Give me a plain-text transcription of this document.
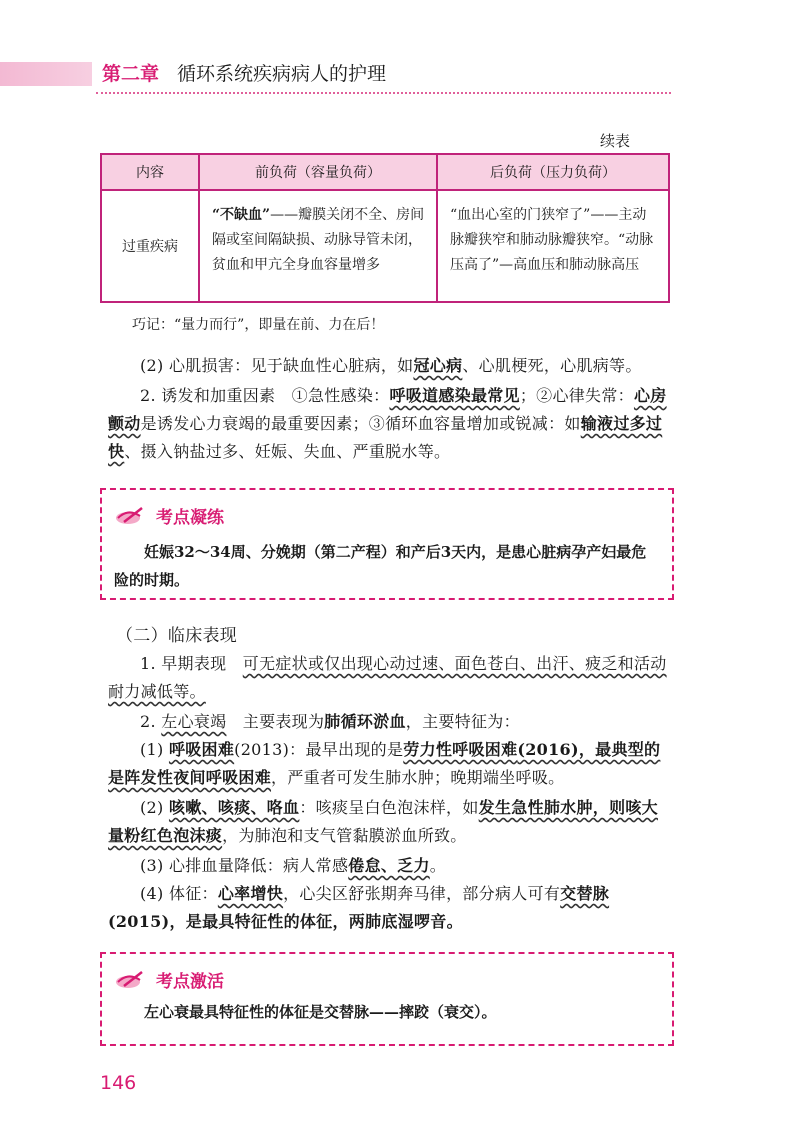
第二章 循环系统疾病病人的护理
续表
内容	前负荷（容量负荷）	后负荷（压力负荷）
过重疾病	“不缺血”——瓣膜关闭不全、房间隔或室间隔缺损、动脉导管未闭，贫血和甲亢全身血容量增多	“血出心室的门狭窄了”——主动脉瓣狭窄和肺动脉瓣狭窄。“动脉压高了”—高血压和肺动脉高压
巧记：“量力而行”，即量在前、力在后！
(2) 心肌损害：见于缺血性心脏病，如冠心病、心肌梗死，心肌病等。
2. 诱发和加重因素　①急性感染：呼吸道感染最常见；②心律失常：心房颤动是诱发心力衰竭的最重要因素；③循环血容量增加或锐减：如输液过多过快、摄入钠盐过多、妊娠、失血、严重脱水等。
考点凝练
妊娠32～34周、分娩期（第二产程）和产后3天内，是患心脏病孕产妇最危险的时期。
（二）临床表现
1. 早期表现　可无症状或仅出现心动过速、面色苍白、出汗、疲乏和活动耐力减低等。
2. 左心衰竭　主要表现为肺循环淤血，主要特征为：
(1) 呼吸困难(2013)：最早出现的是劳力性呼吸困难(2016)，最典型的是阵发性夜间呼吸困难，严重者可发生肺水肿；晚期端坐呼吸。
(2) 咳嗽、咳痰、咯血：咳痰呈白色泡沫样，如发生急性肺水肿，则咳大量粉红色泡沫痰，为肺泡和支气管黏膜淤血所致。
(3) 心排血量降低：病人常感倦怠、乏力。
(4) 体征：心率增快，心尖区舒张期奔马律，部分病人可有交替脉(2015)，是最具特征性的体征，两肺底湿啰音。
考点激活
左心衰最具特征性的体征是交替脉——摔跤（衰交）。
146
